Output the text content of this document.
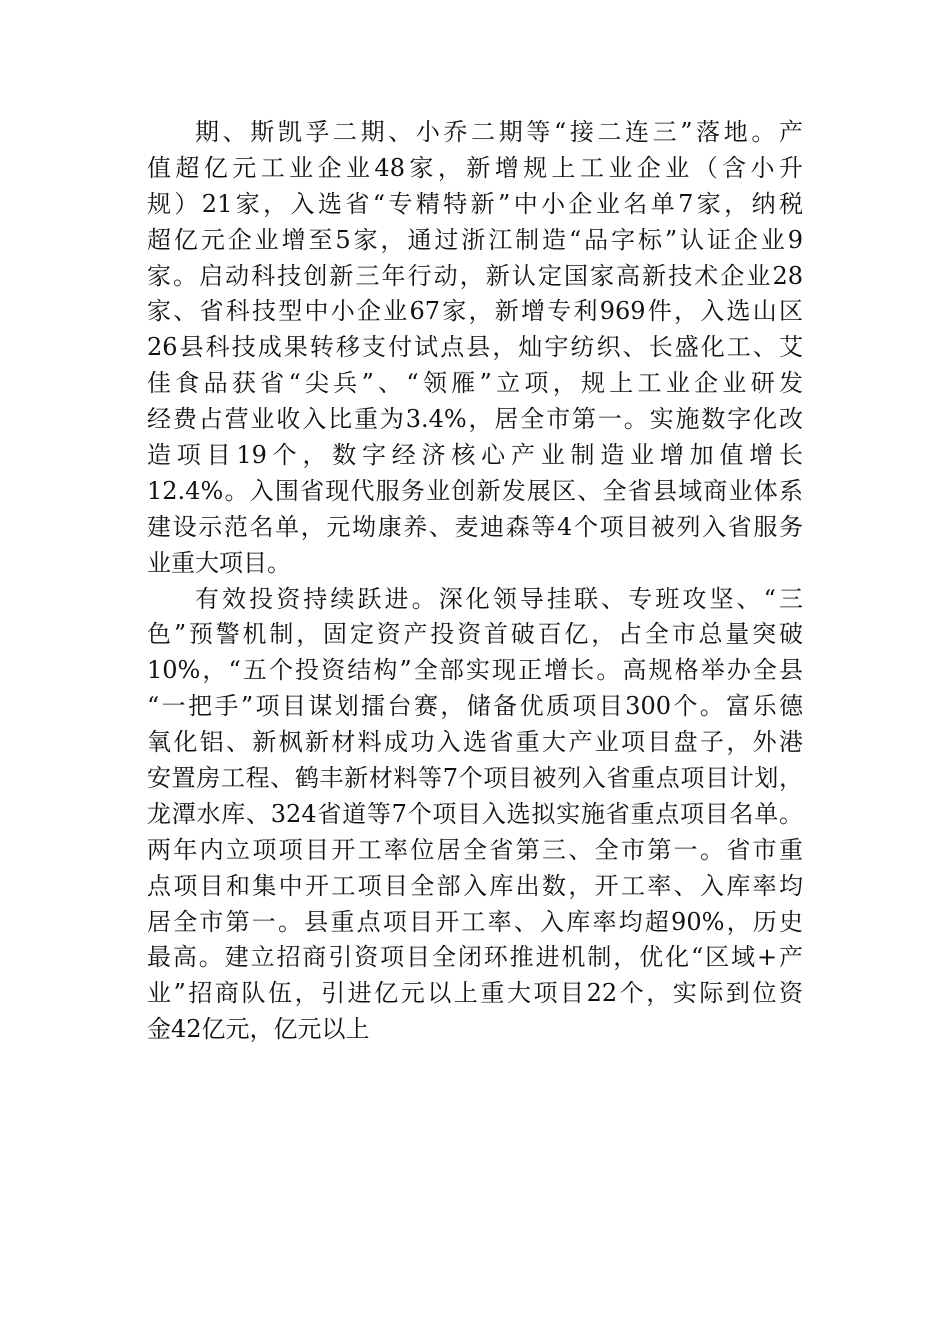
期、斯凯孚二期、小乔二期等“接二连三”落地。产
值超亿元工业企业48家，新增规上工业企业（含小升
规）21家，入选省“专精特新”中小企业名单7家，纳税
超亿元企业增至5家，通过浙江制造“品字标”认证企业9
家。启动科技创新三年行动，新认定国家高新技术企业28
家、省科技型中小企业67家，新增专利969件，入选山区
26县科技成果转移支付试点县，灿宇纺织、长盛化工、艾
佳食品获省“尖兵”、“领雁”立项，规上工业企业研发
经费占营业收入比重为3.4%，居全市第一。实施数字化改
造项目19个，数字经济核心产业制造业增加值增长
12.4%。入围省现代服务业创新发展区、全省县域商业体系
建设示范名单，元坳康养、麦迪森等4个项目被列入省服务
业重大项目。
有效投资持续跃进。深化领导挂联、专班攻坚、“三
色”预警机制，固定资产投资首破百亿，占全市总量突破
10%，“五个投资结构”全部实现正增长。高规格举办全县
“一把手”项目谋划擂台赛，储备优质项目300个。富乐德
氧化铝、新枫新材料成功入选省重大产业项目盘子，外港
安置房工程、鹤丰新材料等7个项目被列入省重点项目计划，
龙潭水库、324省道等7个项目入选拟实施省重点项目名单。
两年内立项项目开工率位居全省第三、全市第一。省市重
点项目和集中开工项目全部入库出数，开工率、入库率均
居全市第一。县重点项目开工率、入库率均超90%，历史
最高。建立招商引资项目全闭环推进机制，优化“区域+产
业”招商队伍，引进亿元以上重大项目22个，实际到位资
金42亿元，亿元以上
